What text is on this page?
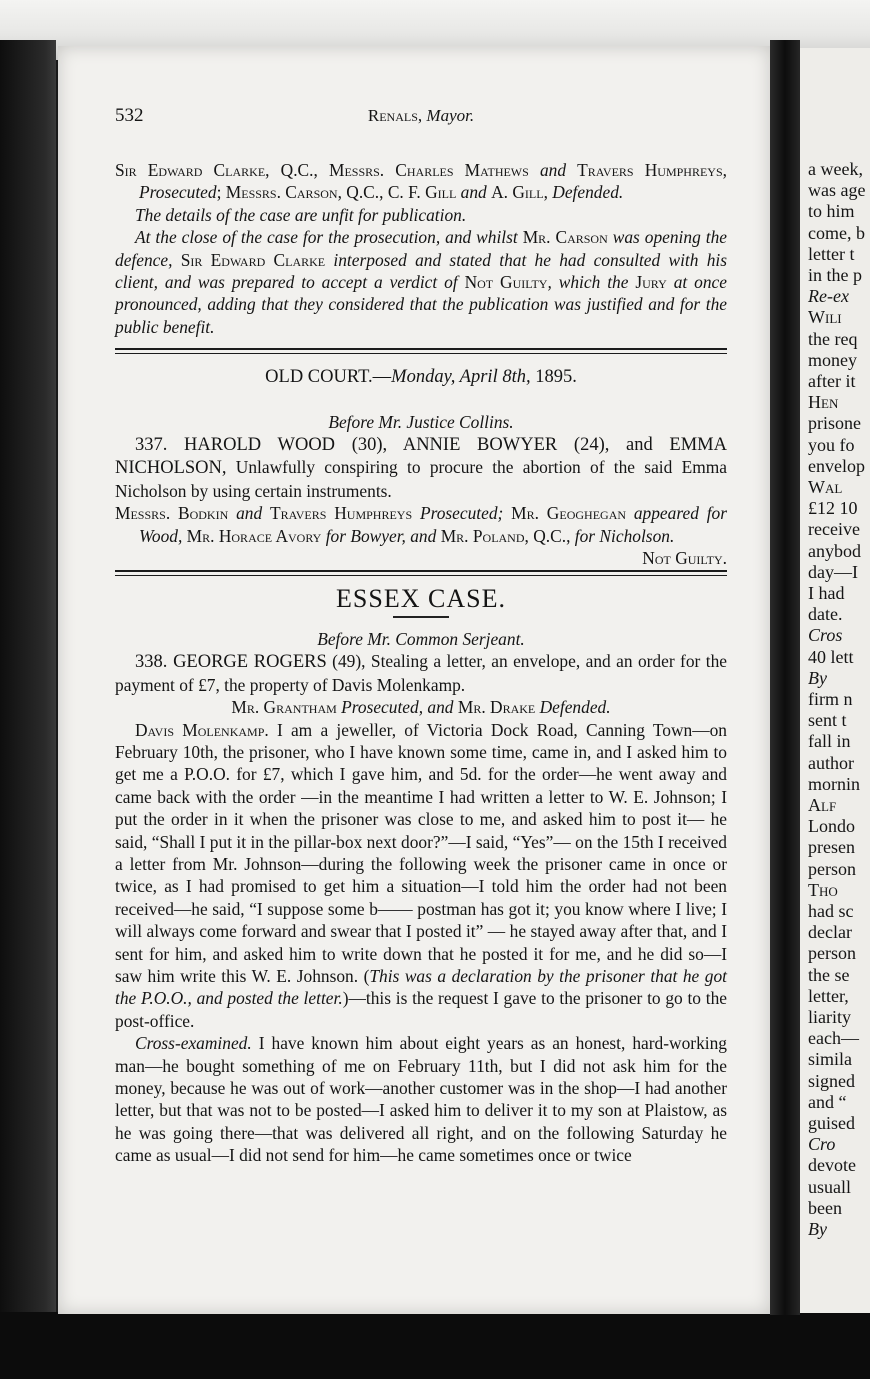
a week,
was age
to him
come, b
letter t
in the p
Re-ex
Wili
the req
money
after it
Hen
prisone
you fo
envelop
Wal
£12 10
receive
anybod
day—I
I had
date.
Cros
40 lett
By
firm n
sent t
fall in
author
mornin
Alf
Londo
presen
person
Tho
had sc
declar
person
the se
letter,
liarity
each—
simila
signed
and “
guised
Cro
devote
usuall
been
By
532	Renals, Mayor.

Sir Edward Clarke, Q.C., Messrs. Charles Mathews and Travers Humphreys, Prosecuted; Messrs. Carson, Q.C., C. F. Gill and A. Gill, Defended.

The details of the case are unfit for publication.

At the close of the case for the prosecution, and whilst Mr. Carson was opening the defence, Sir Edward Clarke interposed and stated that he had consulted with his client, and was prepared to accept a verdict of Not Guilty, which the Jury at once pronounced, adding that they considered that the publication was justified and for the public benefit.

OLD COURT.—Monday, April 8th, 1895.
Before Mr. Justice Collins.

337. HAROLD WOOD (30), ANNIE BOWYER (24), and EMMA NICHOLSON, Unlawfully conspiring to procure the abortion of the said Emma Nicholson by using certain instruments.

Messrs. Bodkin and Travers Humphreys Prosecuted; Mr. Geoghegan appeared for Wood, Mr. Horace Avory for Bowyer, and Mr. Poland, Q.C., for Nicholson.
Not Guilty.

ESSEX CASE.
Before Mr. Common Serjeant.

338. GEORGE ROGERS (49), Stealing a letter, an envelope, and an order for the payment of £7, the property of Davis Molenkamp.

Mr. Grantham Prosecuted, and Mr. Drake Defended.

Davis Molenkamp. I am a jeweller, of Victoria Dock Road, Canning Town—on February 10th, the prisoner, who I have known some time, came in, and I asked him to get me a P.O.O. for £7, which I gave him, and 5d. for the order—he went away and came back with the order —in the meantime I had written a letter to W. E. Johnson; I put the order in it when the prisoner was close to me, and asked him to post it— he said, “Shall I put it in the pillar-box next door?”—I said, “Yes”— on the 15th I received a letter from Mr. Johnson—during the following week the prisoner came in once or twice, as I had promised to get him a situation—I told him the order had not been received—he said, “I suppose some b—— postman has got it; you know where I live; I will always come forward and swear that I posted it” — he stayed away after that, and I sent for him, and asked him to write down that he posted it for me, and he did so—I saw him write this W. E. Johnson. (This was a declaration by the prisoner that he got the P.O.O., and posted the letter.)—this is the request I gave to the prisoner to go to the post-office.

Cross-examined. I have known him about eight years as an honest, hard-working man—he bought something of me on February 11th, but I did not ask him for the money, because he was out of work—another customer was in the shop—I had another letter, but that was not to be posted—I asked him to deliver it to my son at Plaistow, as he was going there—that was delivered all right, and on the following Saturday he came as usual—I did not send for him—he came sometimes once or twice
